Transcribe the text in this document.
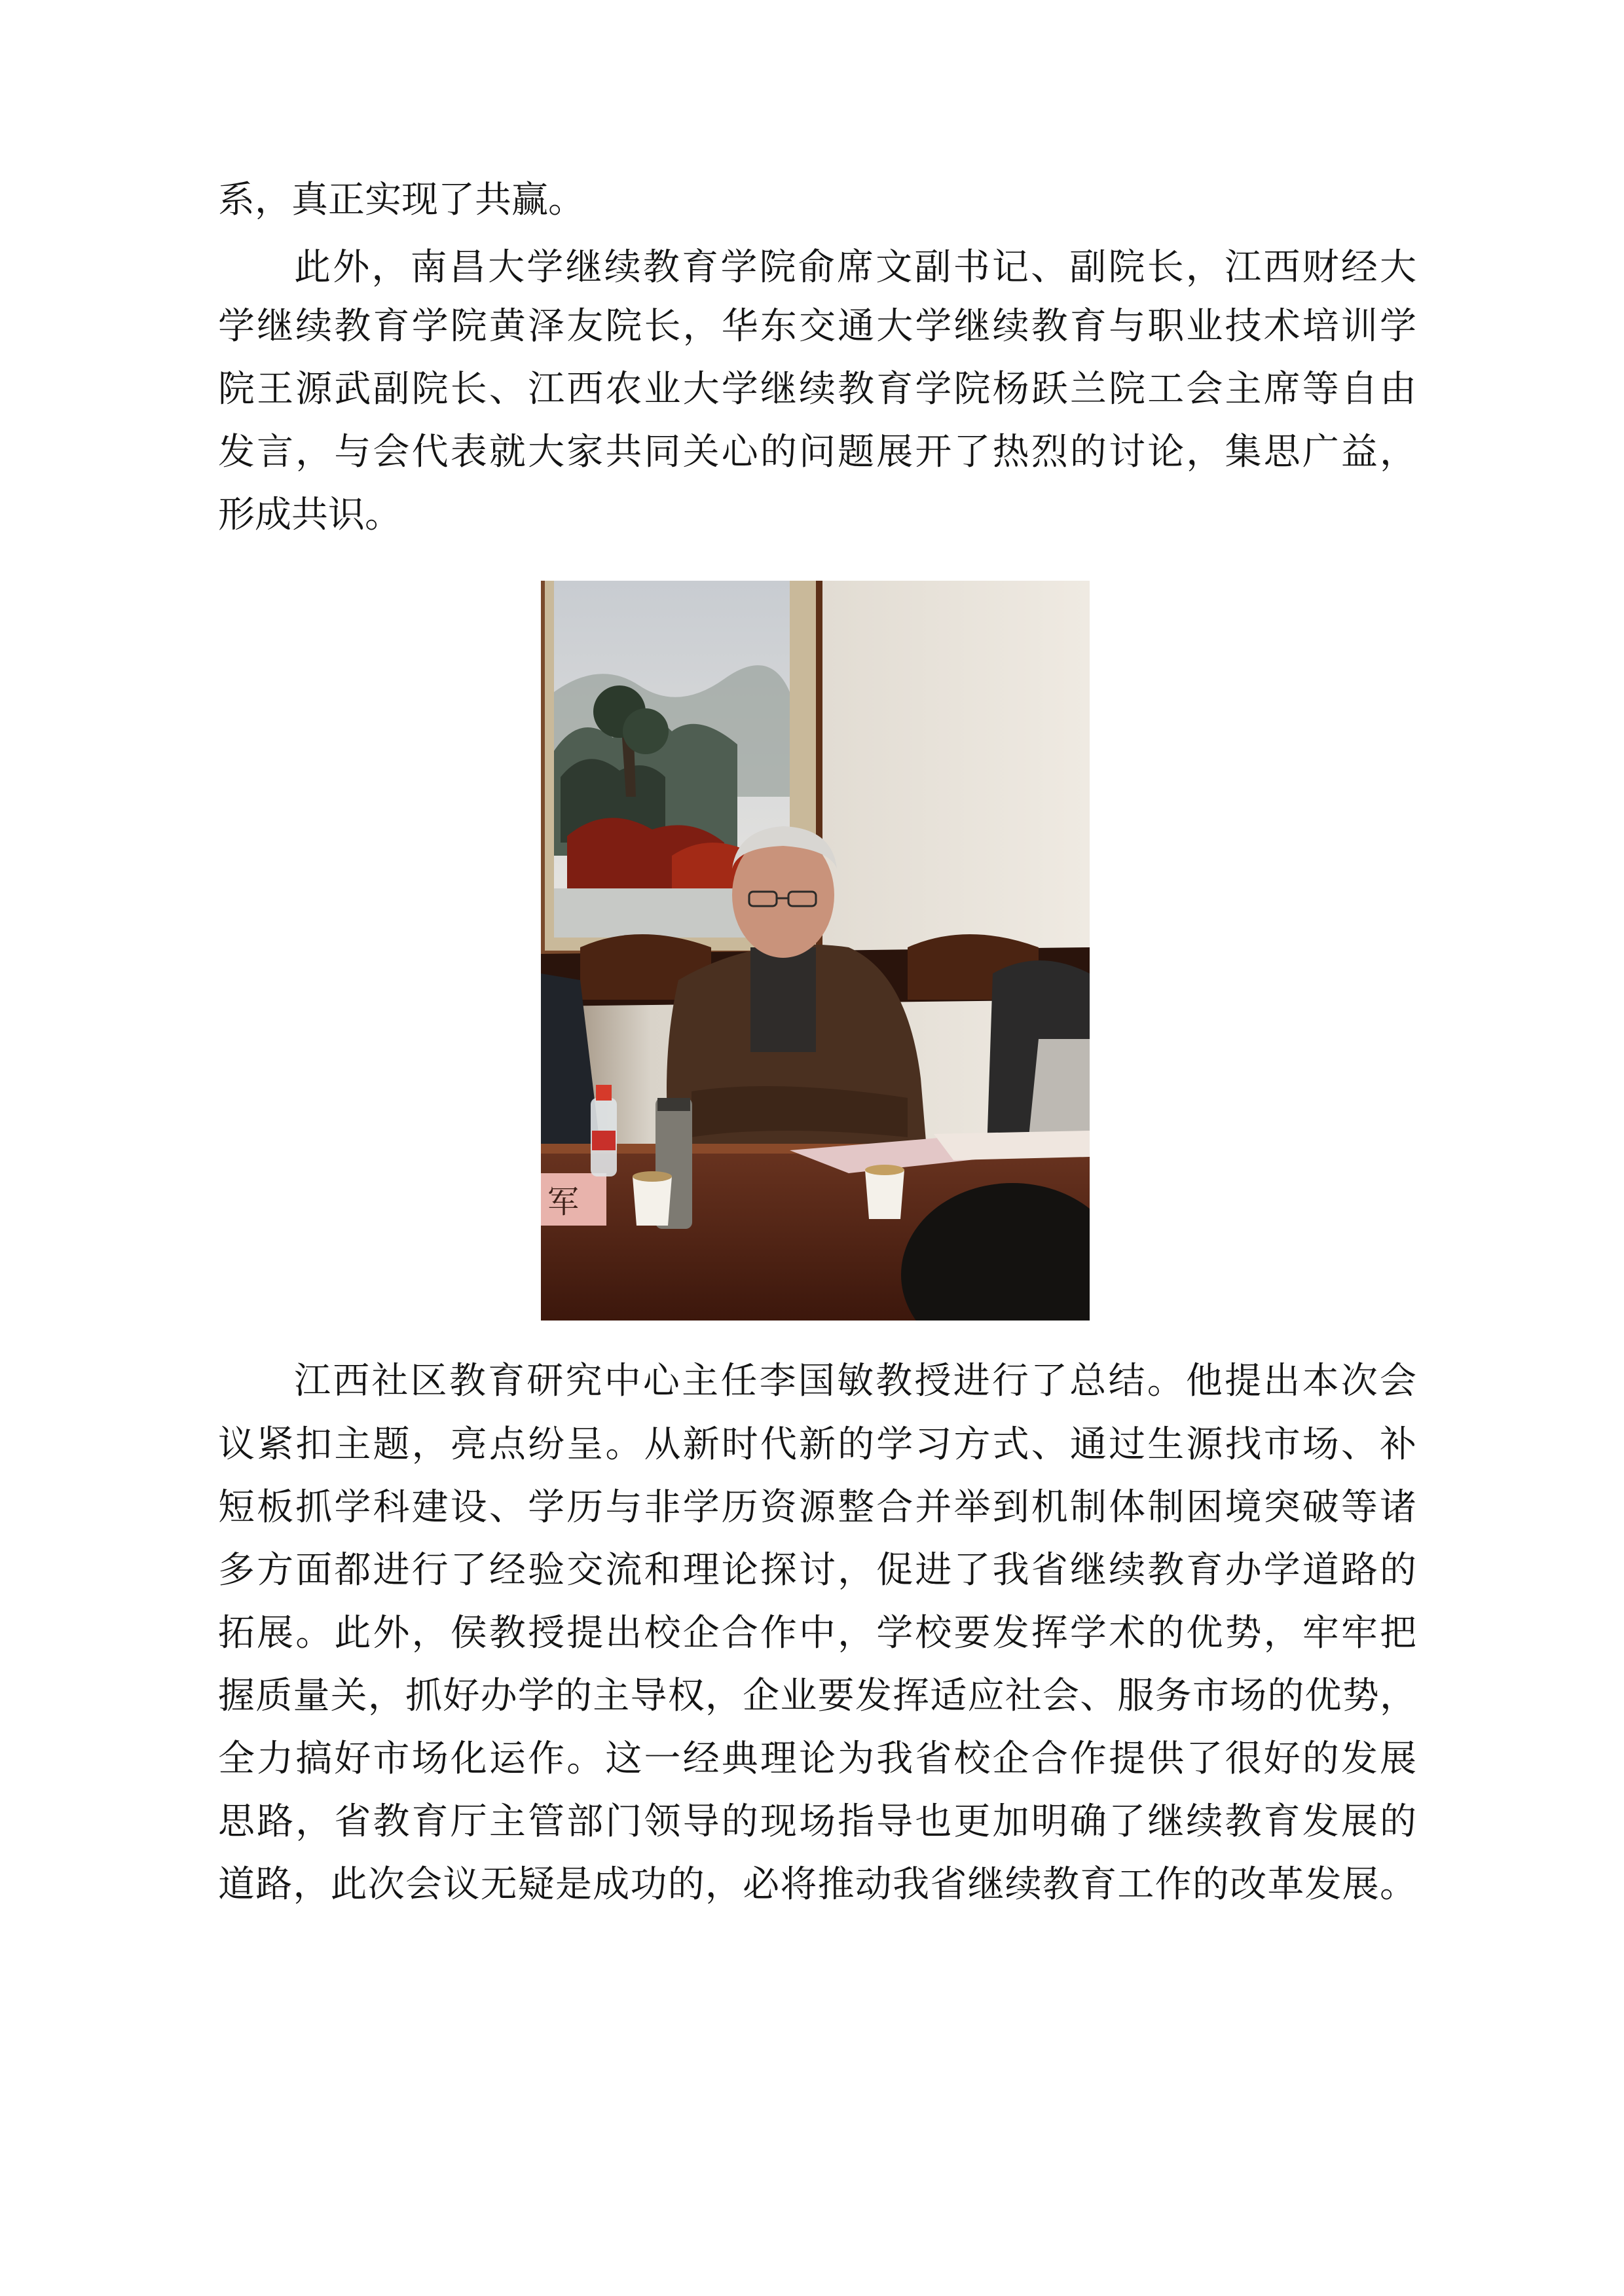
系，真正实现了共赢。
此外，南昌大学继续教育学院俞席文副书记、副院长，江西财经大
学继续教育学院黄泽友院长，华东交通大学继续教育与职业技术培训学
院王源武副院长、江西农业大学继续教育学院杨跃兰院工会主席等自由
发言，与会代表就大家共同关心的问题展开了热烈的讨论，集思广益，
形成共识。
军
江西社区教育研究中心主任李国敏教授进行了总结。他提出本次会
议紧扣主题，亮点纷呈。从新时代新的学习方式、通过生源找市场、补
短板抓学科建设、学历与非学历资源整合并举到机制体制困境突破等诸
多方面都进行了经验交流和理论探讨，促进了我省继续教育办学道路的
拓展。此外，侯教授提出校企合作中，学校要发挥学术的优势，牢牢把
握质量关，抓好办学的主导权，企业要发挥适应社会、服务市场的优势，
全力搞好市场化运作。这一经典理论为我省校企合作提供了很好的发展
思路，省教育厅主管部门领导的现场指导也更加明确了继续教育发展的
道路，此次会议无疑是成功的，必将推动我省继续教育工作的改革发展。
